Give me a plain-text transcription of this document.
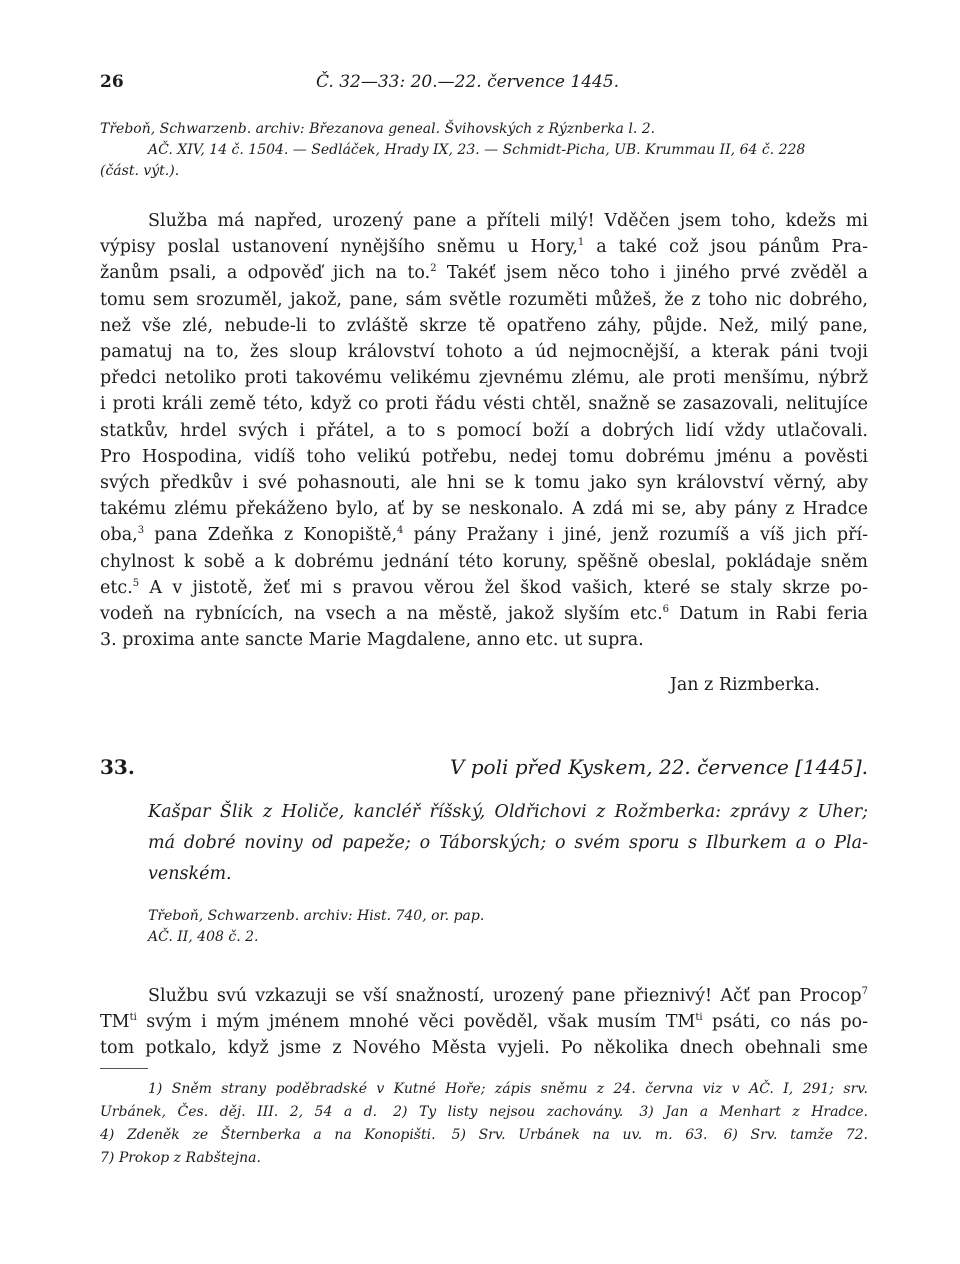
26	Č. 32—33: 20.—22. července 1445.
Třeboň, Schwarzenb. archiv: Březanova geneal. Švihovských z Rýznberka l. 2.
AČ. XIV, 14 č. 1504. — Sedláček, Hrady IX, 23. — Schmidt-Picha, UB. Krummau II, 64 č. 228
(část. výt.).
Služba má napřed, urozený pane a příteli milý! Vděčen jsem toho, kdežs mi
výpisy poslal ustanovení nynějšího sněmu u Hory,$^1$ a také což jsou pánům Pra-
žanům psali, a odpověď jich na to.$^2$ Takéť jsem něco toho i jiného prvé zvěděl a
tomu sem srozuměl, jakož, pane, sám světle rozuměti můžeš, že z toho nic dobrého,
než vše zlé, nebude-li to zvláště skrze tě opatřeno záhy, půjde. Než, milý pane,
pamatuj na to, žes sloup království tohoto a úd nejmocnější, a kterak páni tvoji
předci netoliko proti takovému velikému zjevnému zlému, ale proti menšímu, nýbrž
i proti králi země této, když co proti řádu vésti chtěl, snažně se zasazovali, nelitujíce
statkův, hrdel svých i přátel, a to s pomocí boží a dobrých lidí vždy utlačovali.
Pro Hospodina, vidíš toho velikú potřebu, nedej tomu dobrému jménu a pověsti
svých předkův i své pohasnouti, ale hni se k tomu jako syn království věrný, aby
takému zlému překáženo bylo, ať by se neskonalo. A zdá mi se, aby pány z Hradce
oba,$^3$ pana Zdeňka z Konopiště,$^4$ pány Pražany i jiné, jenž rozumíš a víš jich pří-
chylnost k sobě a k dobrému jednání této koruny, spěšně obeslal, pokládaje sněm
etc.$^5$ A v jistotě, žeť mi s pravou věrou žel škod vašich, které se staly skrze po-
vodeň na rybnících, na vsech a na městě, jakož slyším etc.$^6$ Datum in Rabi feria
3. proxima ante sancte Marie Magdalene, anno etc. ut supra.
Jan z Rizmberka.
33.	V poli před Kyskem, 22. července [1445].
Kašpar Šlik z Holiče, kancléř říšský, Oldřichovi z Rožmberka: zprávy z Uher;
má dobré noviny od papeže; o Táborských; o svém sporu s Ilburkem a o Pla-
venském.
Třeboň, Schwarzenb. archiv: Hist. 740, or. pap.
AČ. II, 408 č. 2.
Službu svú vzkazuji se vší snažností, urozený pane přieznivý! Ačť pan Procop$^7$
$TM^{ti}$ svým i mým jménem mnohé věci pověděl, však musím $TM^{ti}$ psáti, co nás po-
tom potkalo, když jsme z Nového Města vyjeli. Po několika dnech obehnali sme
1) Sněm strany poděbradské v Kutné Hoře; zápis sněmu z 24. června viz v AČ. I, 291; srv.
Urbánek, Čes. děj. III. 2, 54 a d. 2) Ty listy nejsou zachovány. 3) Jan a Menhart z Hradce.
4) Zdeněk ze Šternberka a na Konopišti. 5) Srv. Urbánek na uv. m. 63. 6) Srv. tamže 72.
7) Prokop z Rabštejna.
